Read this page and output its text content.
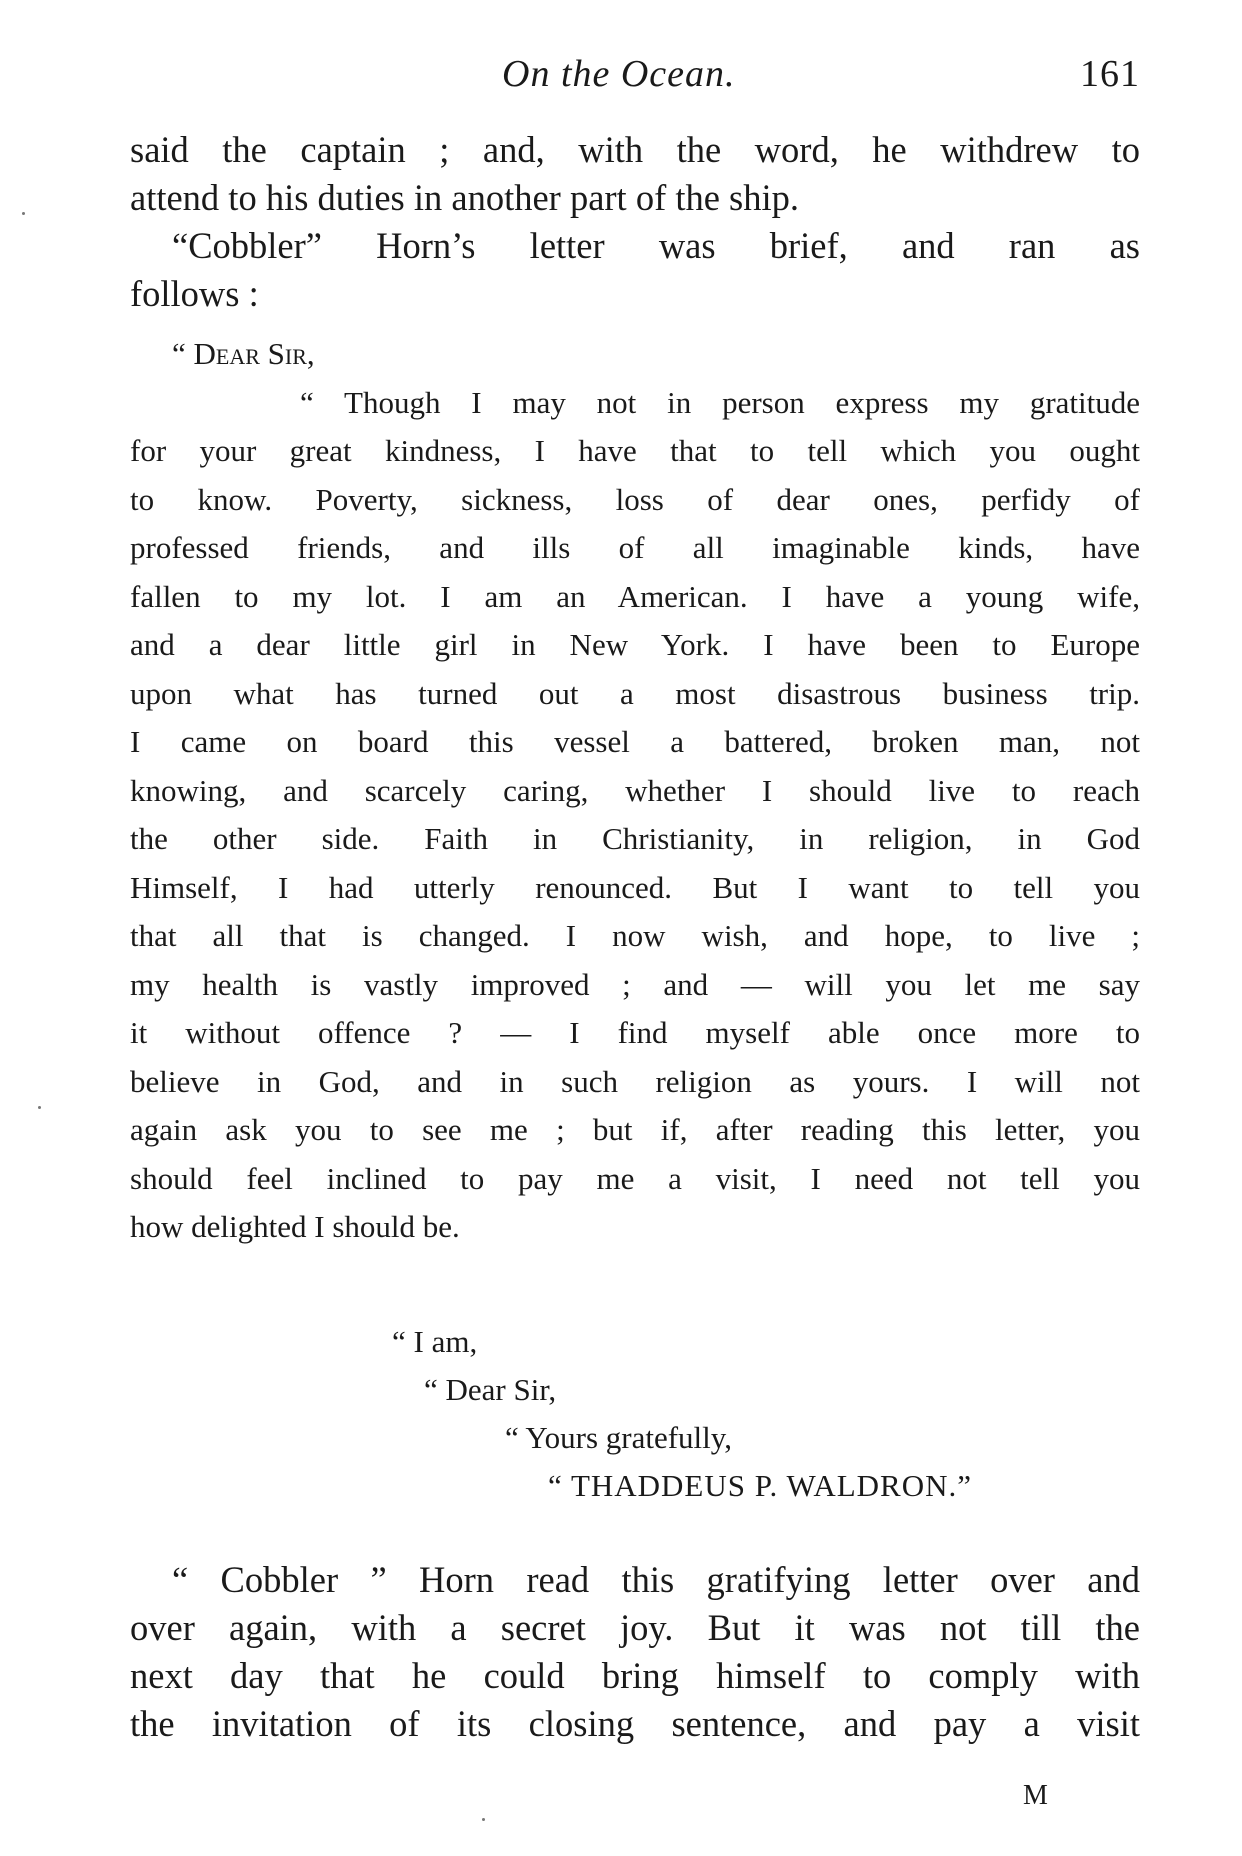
On the Ocean.	161
said the captain ; and, with the word, he withdrew to
attend to his duties in another part of the ship.
“Cobbler” Horn’s letter was brief, and ran as
follows :
“ Dear Sir,
“ Though I may not in person express my gratitude
for your great kindness, I have that to tell which you ought
to know. Poverty, sickness, loss of dear ones, perfidy of
professed friends, and ills of all imaginable kinds, have
fallen to my lot. I am an American. I have a young wife,
and a dear little girl in New York. I have been to Europe
upon what has turned out a most disastrous business trip.
I came on board this vessel a battered, broken man, not
knowing, and scarcely caring, whether I should live to reach
the other side. Faith in Christianity, in religion, in God
Himself, I had utterly renounced. But I want to tell you
that all that is changed. I now wish, and hope, to live ;
my health is vastly improved ; and — will you let me say
it without offence ? — I find myself able once more to
believe in God, and in such religion as yours. I will not
again ask you to see me ; but if, after reading this letter, you
should feel inclined to pay me a visit, I need not tell you
how delighted I should be.
“ I am,
“ Dear Sir,
“ Yours gratefully,
“ THADDEUS P. WALDRON.”
“ Cobbler ” Horn read this gratifying letter over and
over again, with a secret joy. But it was not till the
next day that he could bring himself to comply with
the invitation of its closing sentence, and pay a visit
M
